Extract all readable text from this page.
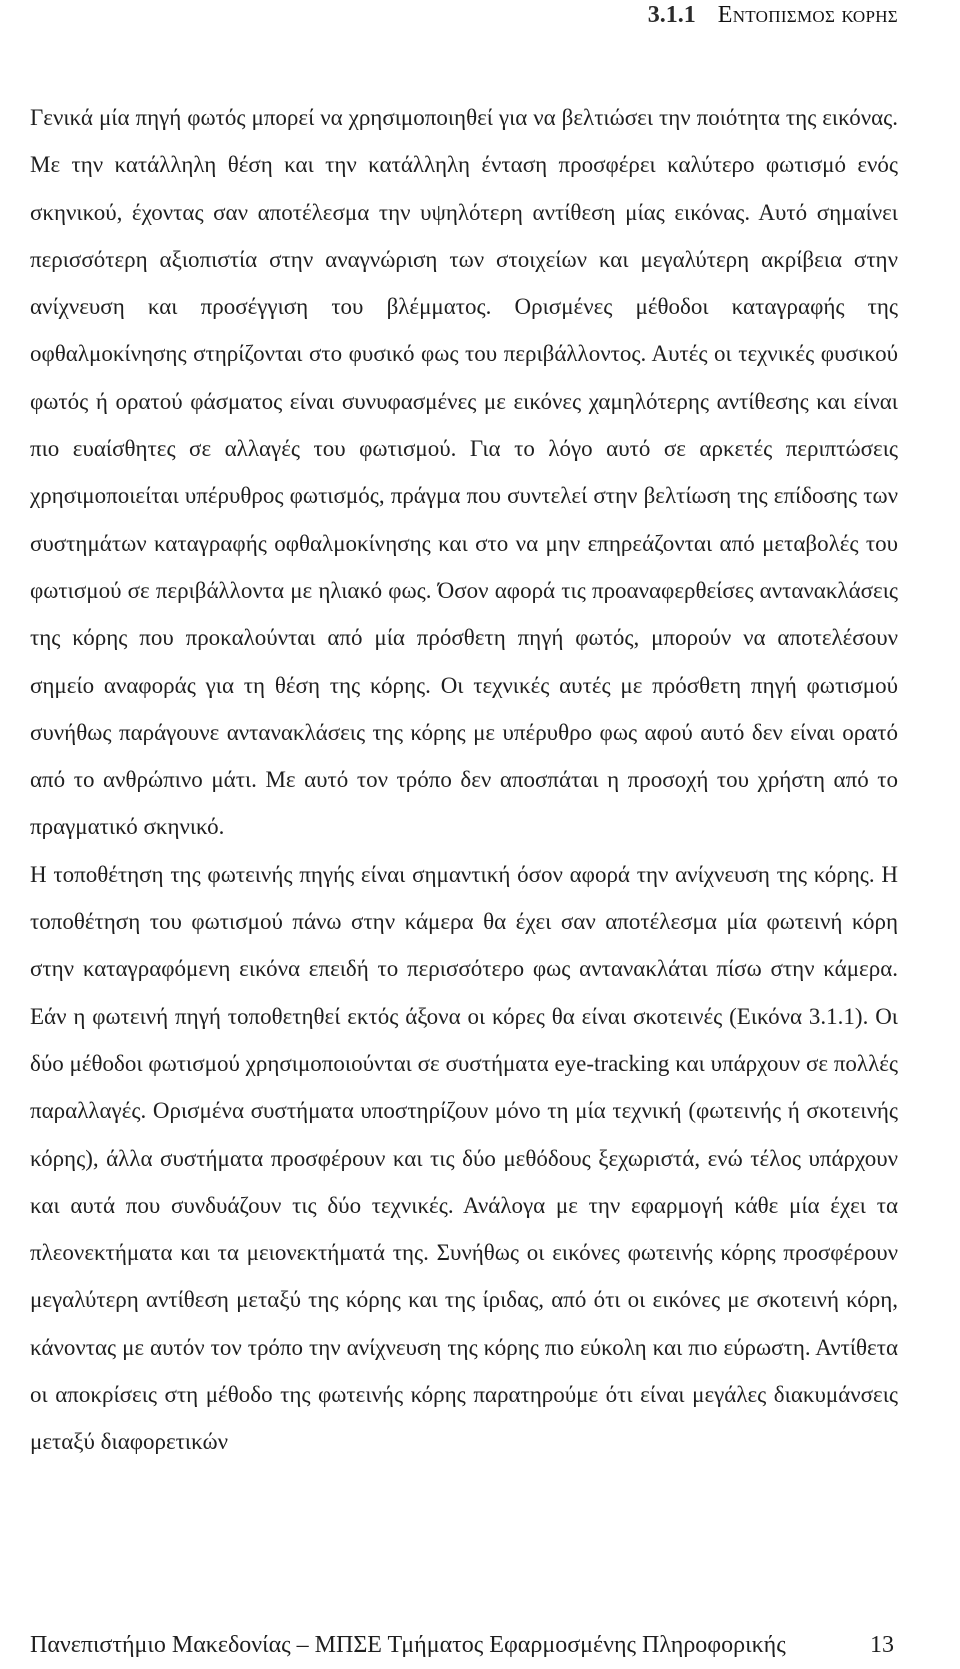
3.1.1 Εντοπισμοσ κορησ

Γενικά μία πηγή φωτός μπορεί να χρησιμοποιηθεί για να βελτιώσει την ποιότητα της εικόνας. Με την κατάλληλη θέση και την κατάλληλη ένταση προσφέρει καλύτερο φωτισμό ενός σκηνικού, έχοντας σαν αποτέλεσμα την υψηλότερη αντίθεση μίας εικόνας. Αυτό σημαίνει περισσότερη αξιοπιστία στην αναγνώριση των στοιχείων και μεγαλύτερη ακρίβεια στην ανίχνευση και προσέγγιση του βλέμματος. Ορισμένες μέθοδοι καταγραφής της οφθαλμοκίνησης στηρίζονται στο φυσικό φως του περιβάλλοντος. Αυτές οι τεχνικές φυσικού φωτός ή ορατού φάσματος είναι συνυφασμένες με εικόνες χαμηλότερης αντίθεσης και είναι πιο ευαίσθητες σε αλλαγές του φωτισμού. Για το λόγο αυτό σε αρκετές περιπτώσεις χρησιμοποιείται υπέρυθρος φωτισμός, πράγμα που συντελεί στην βελτίωση της επίδοσης των συστημάτων καταγραφής οφθαλμοκίνησης και στο να μην επηρεάζονται από μεταβολές του φωτισμού σε περιβάλλοντα με ηλιακό φως. Όσον αφορά τις προαναφερθείσες αντανακλάσεις της κόρης που προκαλούνται από μία πρόσθετη πηγή φωτός, μπορούν να αποτελέσουν σημείο αναφοράς για τη θέση της κόρης. Οι τεχνικές αυτές με πρόσθετη πηγή φωτισμού συνήθως παράγουνε αντανακλάσεις της κόρης με υπέρυθρο φως αφού αυτό δεν είναι ορατό από το ανθρώπινο μάτι. Με αυτό τον τρόπο δεν αποσπάται η προσοχή του χρήστη από το πραγματικό σκηνικό.

Η τοποθέτηση της φωτεινής πηγής είναι σημαντική όσον αφορά την ανίχνευση της κόρης. Η τοποθέτηση του φωτισμού πάνω στην κάμερα θα έχει σαν αποτέλεσμα μία φωτεινή κόρη στην καταγραφόμενη εικόνα επειδή το περισσότερο φως αντανακλάται πίσω στην κάμερα. Εάν η φωτεινή πηγή τοποθετηθεί εκτός άξονα οι κόρες θα είναι σκοτεινές (Εικόνα 3.1.1). Οι δύο μέθοδοι φωτισμού χρησιμοποιούνται σε συστήματα eye-tracking και υπάρχουν σε πολλές παραλλαγές. Ορισμένα συστήματα υποστηρίζουν μόνο τη μία τεχνική (φωτεινής ή σκοτεινής κόρης), άλλα συστήματα προσφέρουν και τις δύο μεθόδους ξεχωριστά, ενώ τέλος υπάρχουν και αυτά που συνδυάζουν τις δύο τεχνικές. Ανάλογα με την εφαρμογή κάθε μία έχει τα πλεονεκτήματα και τα μειονεκτήματά της. Συνήθως οι εικόνες φωτεινής κόρης προσφέρουν μεγαλύτερη αντίθεση μεταξύ της κόρης και της ίριδας, από ότι οι εικόνες με σκοτεινή κόρη, κάνοντας με αυτόν τον τρόπο την ανίχνευση της κόρης πιο εύκολη και πιο εύρωστη. Αντίθετα οι αποκρίσεις στη μέθοδο της φωτεινής κόρης παρατηρούμε ότι είναι μεγάλες διακυμάνσεις μεταξύ διαφορετικών

Πανεπιστήμιο Μακεδονίας – ΜΠΣΕ Τμήματος Εφαρμοσμένης Πληροφορικής	13
